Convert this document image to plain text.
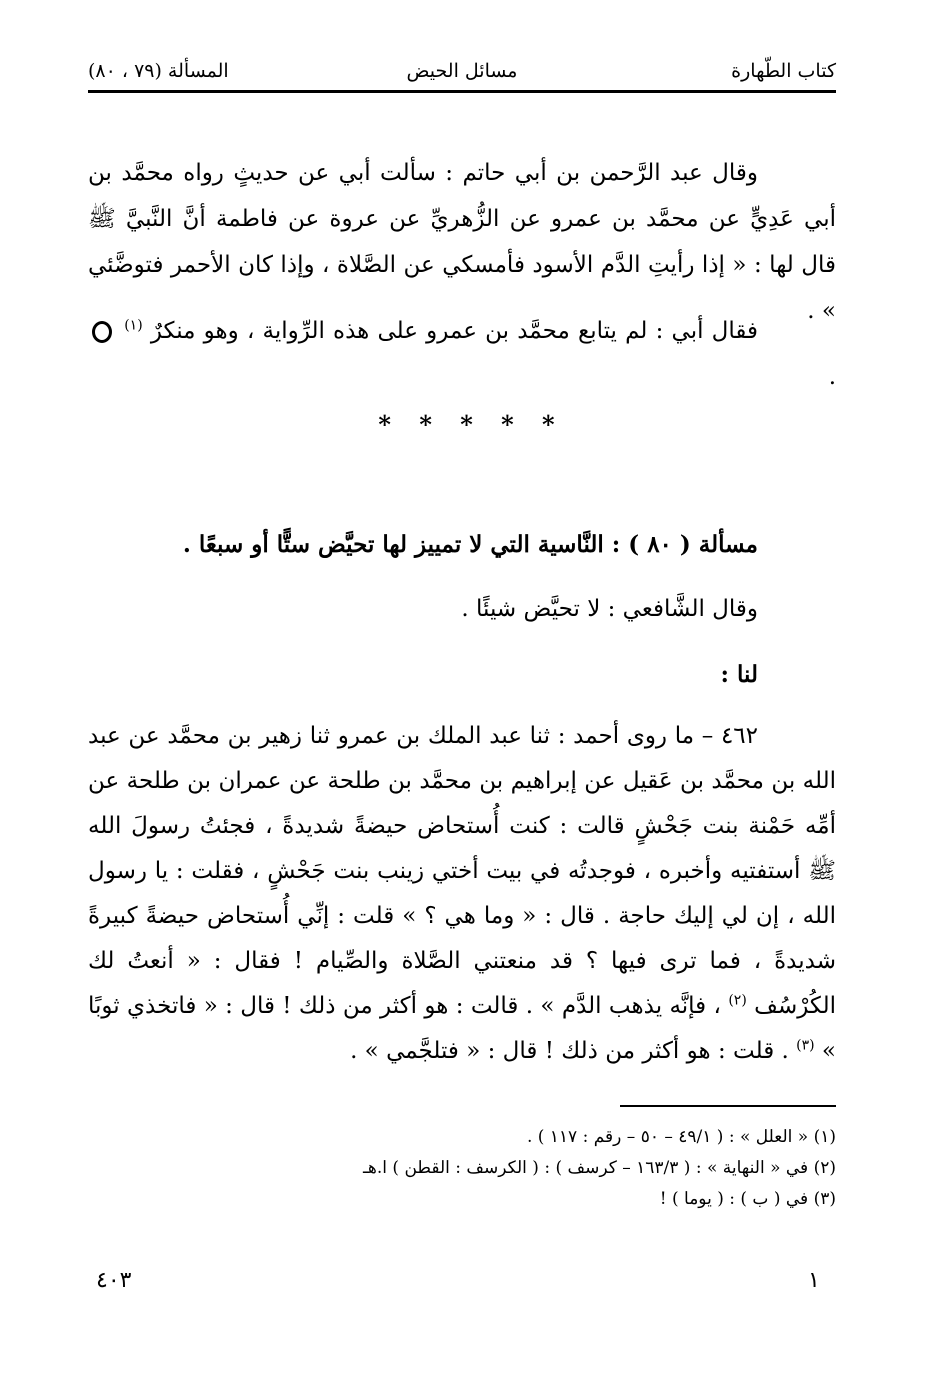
كتاب الطّهارة
مسائل الحيض
المسألة (٧٩ ، ٨٠)

وقال عبد الرَّحمن بن أبي حاتم : سألت أبي عن حديثٍ رواه محمَّد بن أبي عَدِيٍّ عن محمَّد بن عمرو عن الزُّهريِّ عن عروة عن فاطمة أنَّ النَّبيَّ ﷺ قال لها : « إذا رأيتِ الدَّم الأسود فأمسكي عن الصَّلاة ، وإذا كان الأحمر فتوضَّئي » .

فقال أبي : لم يتابع محمَّد بن عمرو على هذه الرِّواية ، وهو منكرٌ $^{(١)}$  .

* * * * *

مسألة ( ٨٠ ) : النَّاسية التي لا تمييز لها تحيَّض ستًّا أو سبعًا .

وقال الشَّافعي : لا تحيَّض شيئًا .

لنا :

٤٦٢ – ما روى أحمد : ثنا عبد الملك بن عمرو ثنا زهير بن محمَّد عن عبد الله بن محمَّد بن عَقيل عن إبراهيم بن محمَّد بن طلحة عن عمران بن طلحة عن أمِّه حَمْنة بنت جَحْشٍ قالت : كنت أُستحاض حيضةً شديدةً ، فجئتُ رسولَ الله ﷺ أستفتيه وأخبره ، فوجدتُه في بيت أختي زينب بنت جَحْشٍ ، فقلت : يا رسول الله ، إن لي إليك حاجة . قال : « وما هي ؟ » قلت : إنِّي أُستحاض حيضةً كبيرةً شديدةً ، فما ترى فيها ؟ قد منعتني الصَّلاة والصِّيام ! فقال : « أنعتُ لك الكُرْسُف $^{(٢)}$ ، فإنَّه يذهب الدَّم » . قالت : هو أكثر من ذلك ! قال : « فاتخذي ثوبًا » $^{(٣)}$ . قلت : هو أكثر من ذلك ! قال : « فتلجَّمي » .

(١) « العلل » : ( ٤٩/١ – ٥٠ – رقم : ١١٧ ) .
(٢) في « النهاية » : ( ١٦٣/٣ – كرسف ) : ( الكرسف : القطن ) ا.هـ
(٣) في ( ب ) : ( يوما ) !
١
٤٠٣
